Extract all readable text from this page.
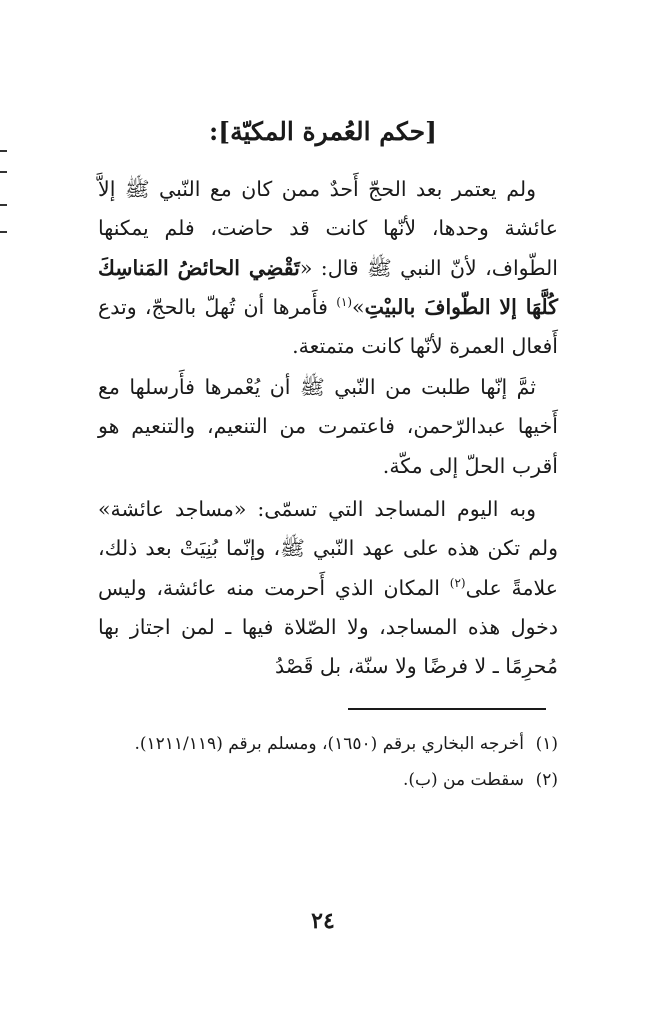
[حكم العُمرة المكيّة]:

ولم يعتمر بعد الحجّ أَحدٌ ممن كان مع النّبي ﷺ إلاَّ عائشة وحدها، لأنّها كانت قد حاضت، فلم يمكنها الطّواف، لأنّ النبي ﷺ قال: «تَقْضِي الحائضُ المَناسِكَ كُلَّهَا إلا الطّوافَ بالبيْتِ»$^{(١)}$ فأَمرها أن تُهلّ بالحجّ، وتدع أَفعال العمرة لأنّها كانت متمتعة.

ثمَّ إنّها طلبت من النّبي ﷺ أن يُعْمرها فأَرسلها مع أَخيها عبدالرّحمن، فاعتمرت من التنعيم، والتنعيم هو أقرب الحلّ إلى مكّة.

وبه اليوم المساجد التي تسمّى: «مساجد عائشة» ولم تكن هذه على عهد النّبي ﷺ، وإنّما بُنِيَتْ بعد ذلك، علامةً على$^{(٢)}$ المكان الذي أَحرمت منه عائشة، وليس دخول هذه المساجد، ولا الصّلاة فيها ـ لمن اجتاز بها مُحرِمًا ـ لا فرضًا ولا سنّة، بل قَصْدُ

(١)
أخرجه البخاري برقم (١٦٥٠)، ومسلم برقم (١٢١١/١١٩).
(٢)
سقطت من (ب).
٢٤
